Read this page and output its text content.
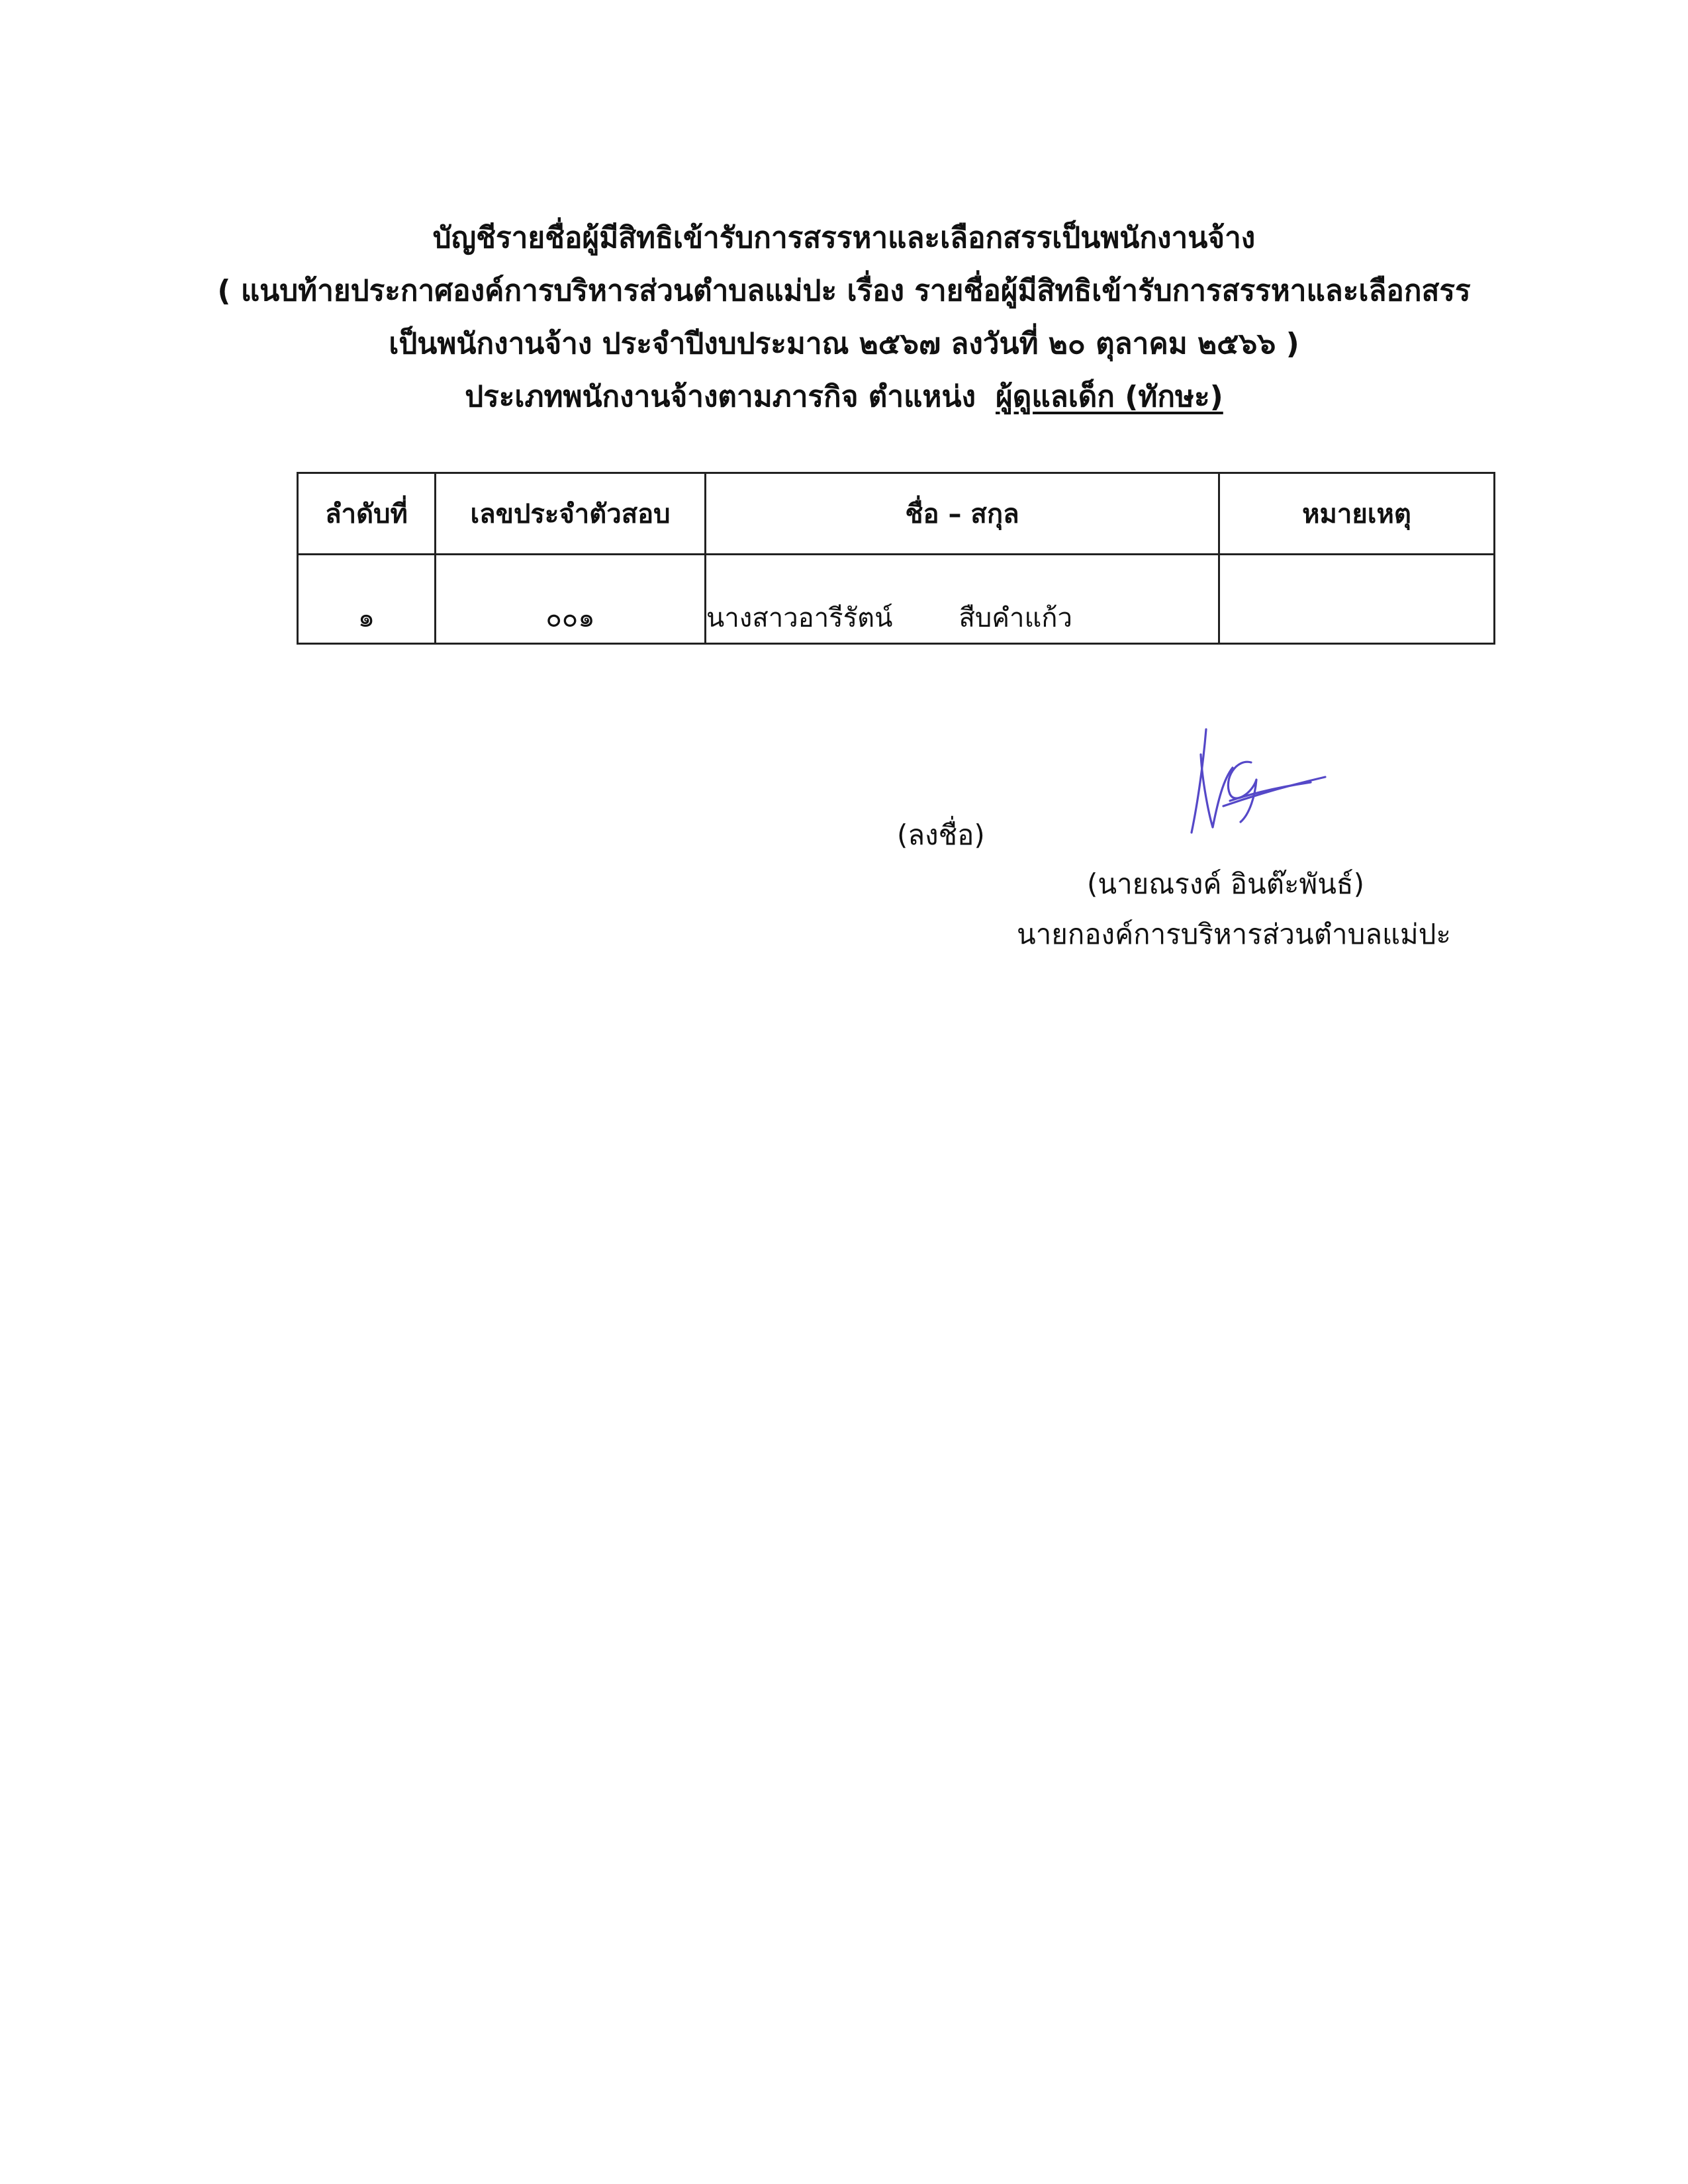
บัญชีรายชื่อผู้มีสิทธิเข้ารับการสรรหาและเลือกสรรเป็นพนักงานจ้าง
( แนบท้ายประกาศองค์การบริหารส่วนตำบลแม่ปะ เรื่อง รายชื่อผู้มีสิทธิเข้ารับการสรรหาและเลือกสรร
เป็นพนักงานจ้าง ประจำปีงบประมาณ ๒๕๖๗ ลงวันที่ ๒๐ ตุลาคม ๒๕๖๖ )
ประเภทพนักงานจ้างตามภารกิจ ตำแหน่ง ผู้ดูแลเด็ก (ทักษะ)
ลำดับที่	เลขประจำตัวสอบ	ชื่อ – สกุล	หมายเหตุ
๑	๐๐๑	นางสาวอารีรัตน์ สืบคำแก้ว	
(ลงชื่อ)
(นายณรงค์ อินต๊ะพันธ์)
นายกองค์การบริหารส่วนตำบลแม่ปะ
